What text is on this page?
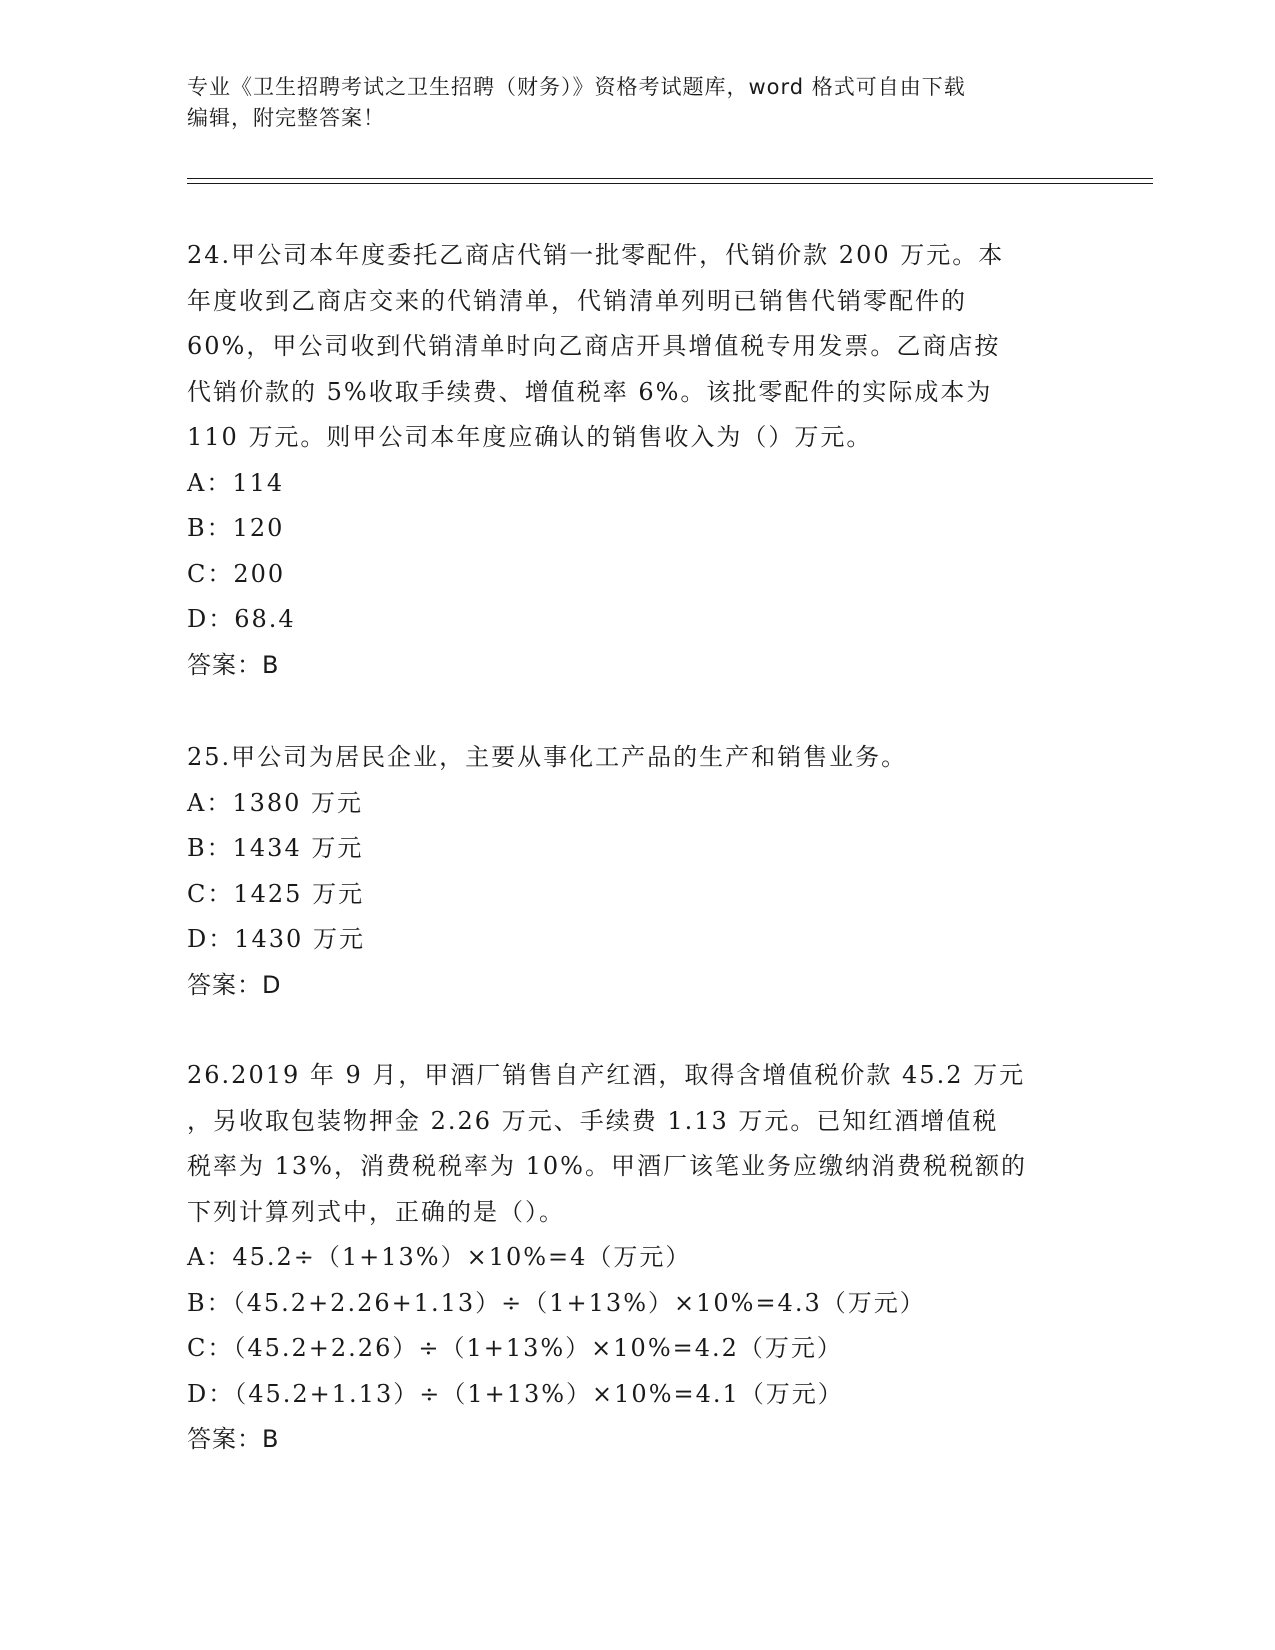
专业《卫生招聘考试之卫生招聘（财务）》资格考试题库，word 格式可自由下载
编辑，附完整答案！
24.甲公司本年度委托乙商店代销一批零配件，代销价款 200 万元。本
年度收到乙商店交来的代销清单，代销清单列明已销售代销零配件的
60%，甲公司收到代销清单时向乙商店开具增值税专用发票。乙商店按
代销价款的 5%收取手续费、增值税率 6%。该批零配件的实际成本为
110 万元。则甲公司本年度应确认的销售收入为（）万元。
A：114
B：120
C：200
D：68.4
答案：B
25.甲公司为居民企业，主要从事化工产品的生产和销售业务。
A：1380 万元
B：1434 万元
C：1425 万元
D：1430 万元
答案：D
26.2019 年 9 月，甲酒厂销售自产红酒，取得含增值税价款 45.2 万元
，另收取包装物押金 2.26 万元、手续费 1.13 万元。已知红酒增值税
税率为 13%，消费税税率为 10%。甲酒厂该笔业务应缴纳消费税税额的
下列计算列式中，正确的是（）。
A：45.2÷（1+13%）×10%=4（万元）
B：（45.2+2.26+1.13）÷（1+13%）×10%=4.3（万元）
C：（45.2+2.26）÷（1+13%）×10%=4.2（万元）
D：（45.2+1.13）÷（1+13%）×10%=4.1（万元）
答案：B
